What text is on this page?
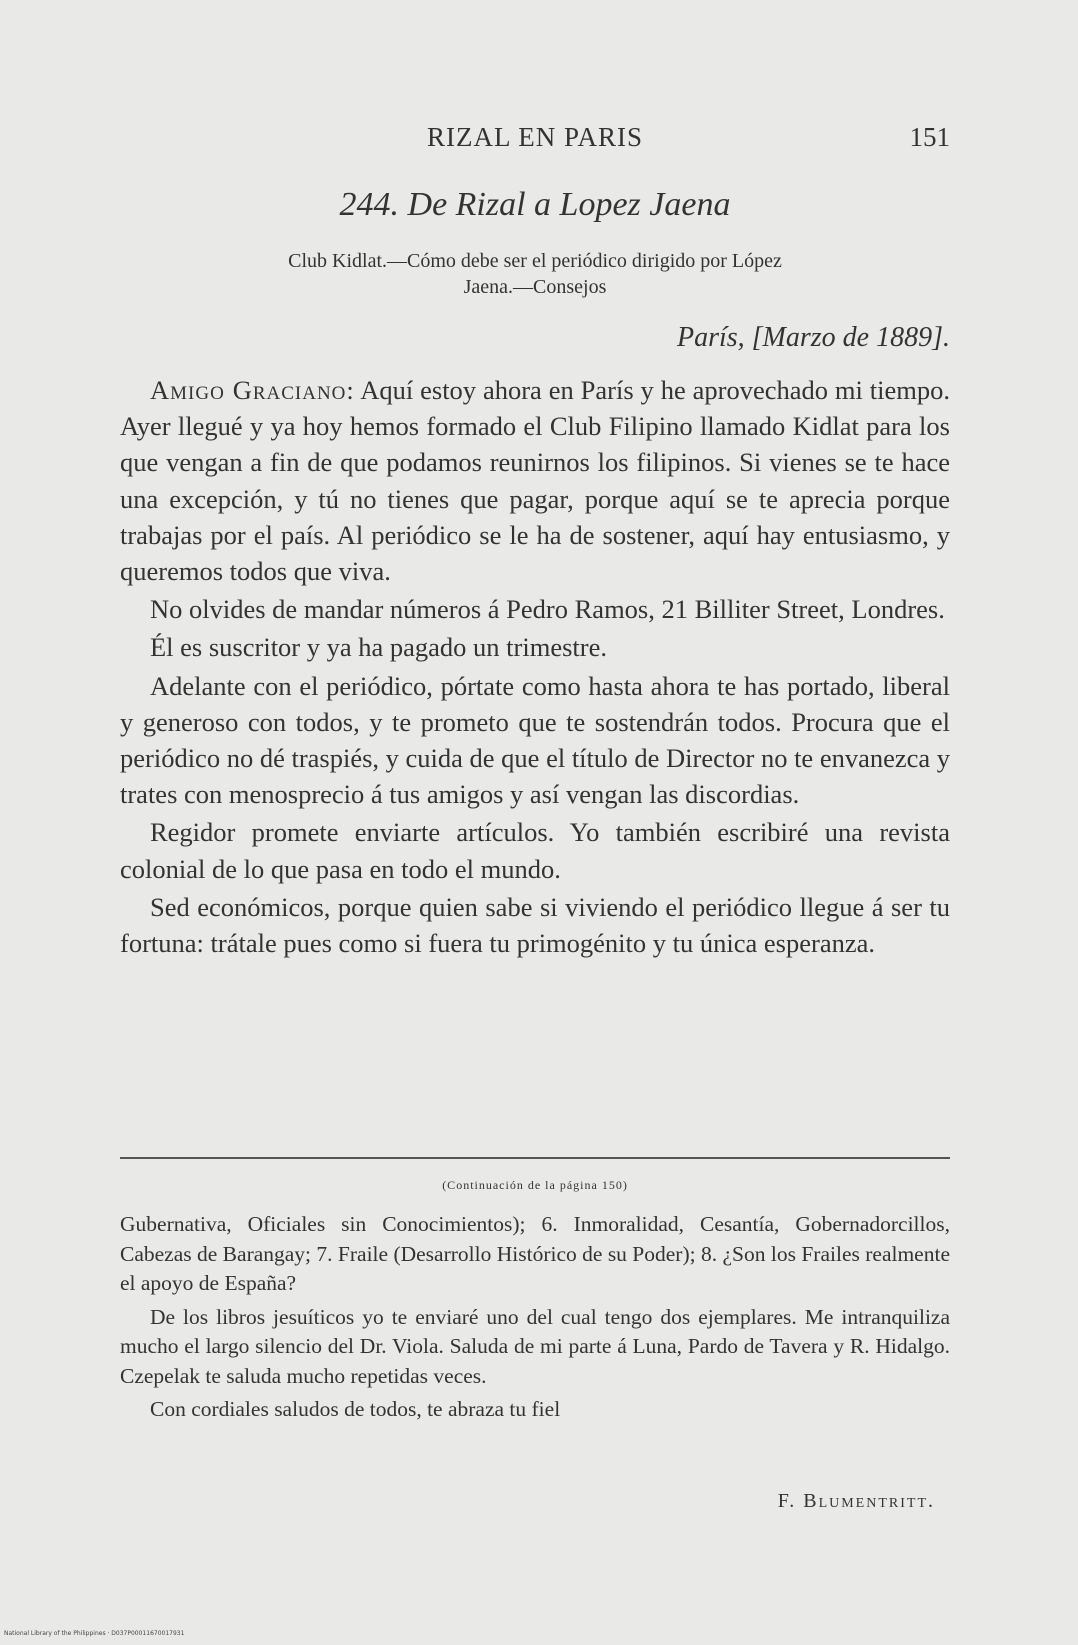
RIZAL EN PARIS	151
244. De Rizal a Lopez Jaena
Club Kidlat.—Cómo debe ser el periódico dirigido por López
Jaena.—Consejos
París, [Marzo de 1889].

Amigo Graciano: Aquí estoy ahora en París y he aprovechado mi tiempo. Ayer llegué y ya hoy hemos formado el Club Filipino llamado Kidlat para los que vengan a fin de que podamos reunirnos los filipinos. Si vienes se te hace una excepción, y tú no tienes que pagar, porque aquí se te aprecia porque trabajas por el país. Al periódico se le ha de sostener, aquí hay entusiasmo, y queremos todos que viva.

No olvides de mandar números á Pedro Ramos, 21 Billiter Street, Londres.

Él es suscritor y ya ha pagado un trimestre.

Adelante con el periódico, pórtate como hasta ahora te has portado, liberal y generoso con todos, y te prometo que te sostendrán todos. Procura que el periódico no dé traspiés, y cuida de que el título de Director no te envanezca y trates con menosprecio á tus amigos y así vengan las discordias.

Regidor promete enviarte artículos. Yo también escribiré una revista colonial de lo que pasa en todo el mundo.

Sed económicos, porque quien sabe si viviendo el periódico llegue á ser tu fortuna: trátale pues como si fuera tu primogénito y tu única esperanza.

(Continuación de la página 150)

Gubernativa, Oficiales sin Conocimientos); 6. Inmoralidad, Cesantía, Gobernadorcillos, Cabezas de Barangay; 7. Fraile (Desarrollo Histórico de su Poder); 8. ¿Son los Frailes realmente el apoyo de España?

De los libros jesuíticos yo te enviaré uno del cual tengo dos ejemplares. Me intranquiliza mucho el largo silencio del Dr. Viola. Saluda de mi parte á Luna, Pardo de Tavera y R. Hidalgo. Czepelak te saluda mucho repetidas veces.

Con cordiales saludos de todos, te abraza tu fiel

F. Blumentritt.
National Library of the Philippines · D037P00011670017931
